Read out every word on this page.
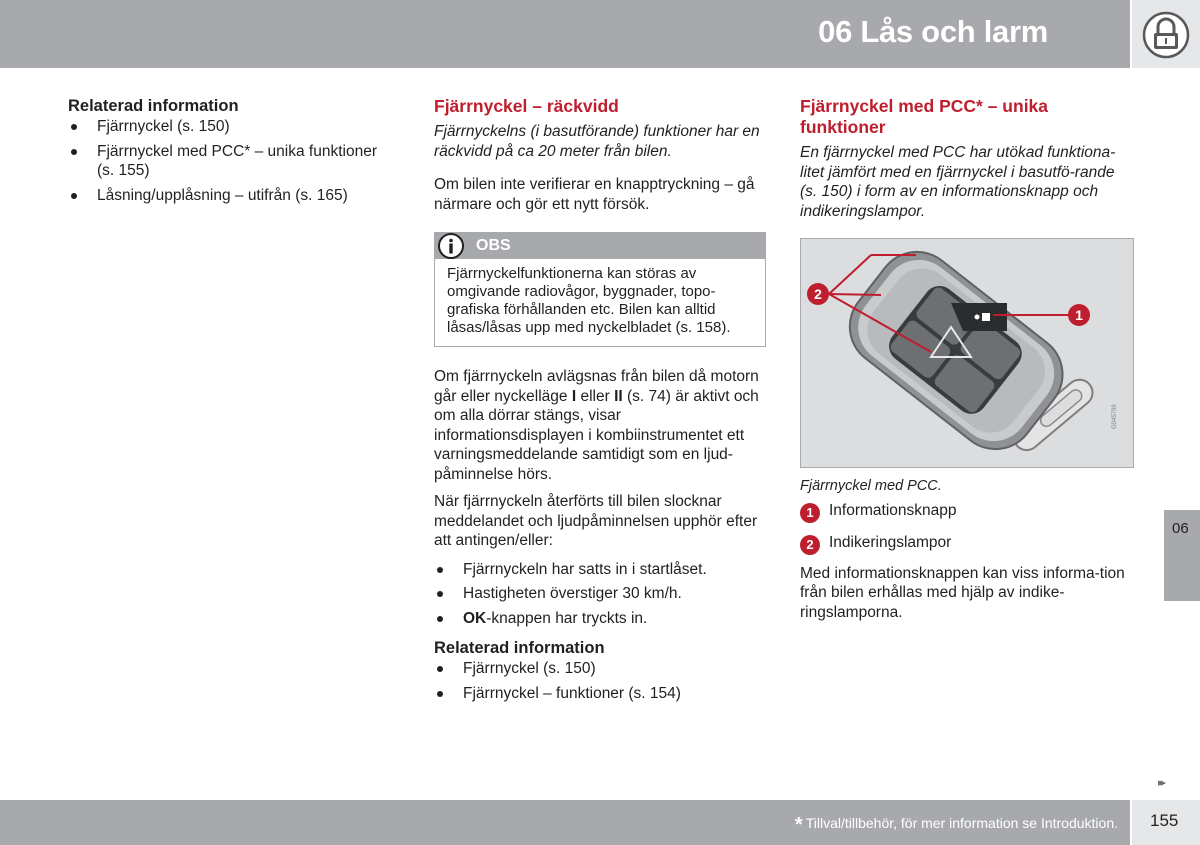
06 Lås och larm
06
▸▸
Relaterad information
Fjärrnyckel (s. 150)
Fjärrnyckel med PCC* – unika funktioner (s. 155)
Låsning/upplåsning – utifrån (s. 165)
Fjärrnyckel – räckvidd

Fjärrnyckelns (i basutförande) funktioner har en räckvidd på ca 20 meter från bilen.

Om bilen inte verifierar en knapptryckning – gå närmare och gör ett nytt försök.

OBS
Fjärrnyckelfunktionerna kan störas av omgivande radiovågor, byggnader, topo-grafiska förhållanden etc. Bilen kan alltid låsas/låsas upp med nyckelbladet (s. 158).

Om fjärrnyckeln avlägsnas från bilen då motorn går eller nyckelläge I eller II (s. 74) är aktivt och om alla dörrar stängs, visar informationsdisplayen i kombiinstrumentet ett varningsmeddelande samtidigt som en ljud-påminnelse hörs.

När fjärrnyckeln återförts till bilen slocknar meddelandet och ljudpåminnelsen upphör efter att antingen/eller:

Fjärrnyckeln har satts in i startlåset.
Hastigheten överstiger 30 km/h.
OK-knappen har tryckts in.
Relaterad information
Fjärrnyckel (s. 150)
Fjärrnyckel – funktioner (s. 154)
Fjärrnyckel med PCC* – unika funktioner

En fjärrnyckel med PCC har utökad funktiona-litet jämfört med en fjärrnyckel i basutfö-rande (s. 150) i form av en informationsknapp och indikeringslampor.

2
1
G045799

Fjärrnyckel med PCC.

1 Informationsknapp
2 Indikeringslampor

Med informationsknappen kan viss informa-tion från bilen erhållas med hjälp av indike-ringslamporna.

* Tillval/tillbehör, för mer information se Introduktion. 155
